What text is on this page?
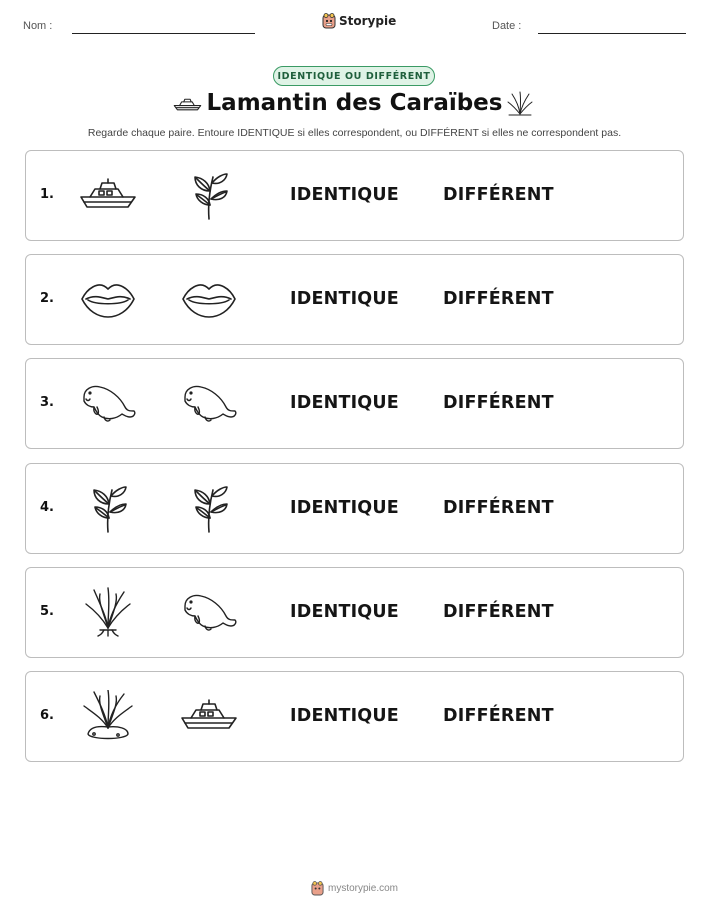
Nom :	Storypie	Date :
IDENTIQUE OU DIFFÉRENT
Lamantin des Caraïbes
Regarde chaque paire. Entoure IDENTIQUE si elles correspondent, ou DIFFÉRENT si elles ne correspondent pas.
1.	IDENTIQUE	DIFFÉRENT
2.	IDENTIQUE	DIFFÉRENT
3.	IDENTIQUE	DIFFÉRENT
4.	IDENTIQUE	DIFFÉRENT
5.	IDENTIQUE	DIFFÉRENT
6.	IDENTIQUE	DIFFÉRENT
mystorypie.com
